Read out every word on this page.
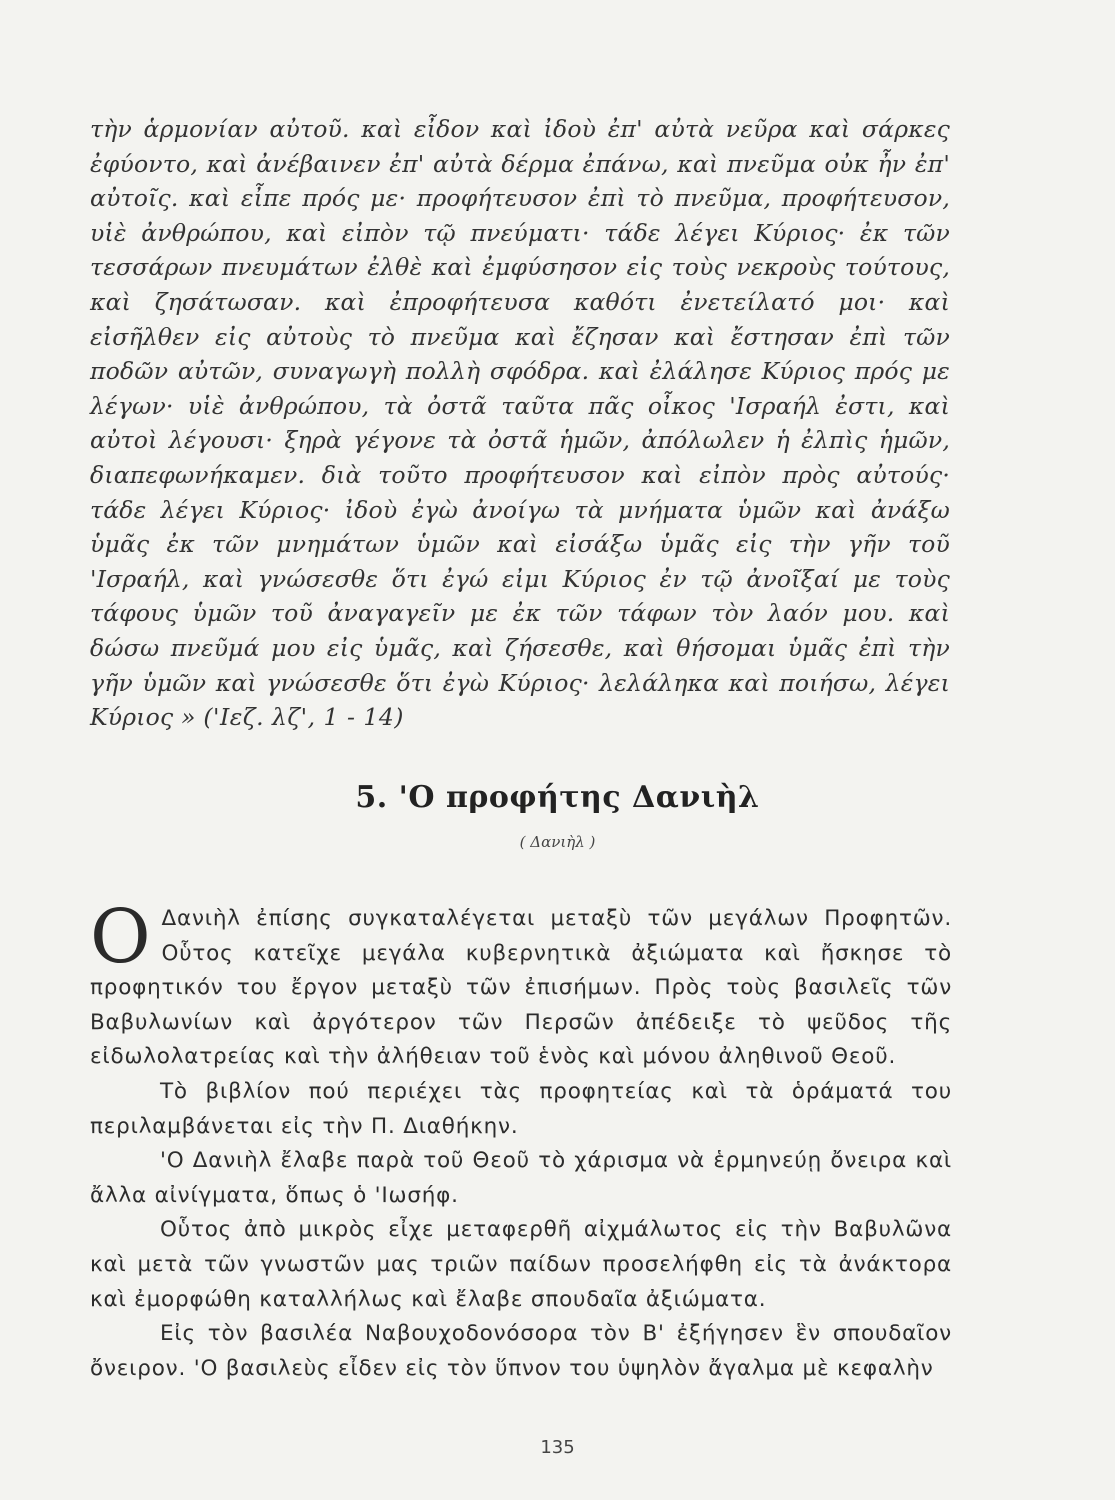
τὴν ἁρμονίαν αὐτοῦ. καὶ εἶδον καὶ ἰδοὺ ἐπ' αὐτὰ νεῦρα καὶ σάρκες ἐφύοντο, καὶ ἀνέβαινεν ἐπ' αὐτὰ δέρμα ἐπάνω, καὶ πνεῦμα οὐκ ἦν ἐπ' αὐτοῖς. καὶ εἶπε πρός με· προφήτευσον ἐπὶ τὸ πνεῦμα, προφήτευσον, υἱὲ ἀνθρώπου, καὶ εἰπὸν τῷ πνεύματι· τάδε λέγει Κύριος· ἐκ τῶν τεσσάρων πνευμάτων ἐλθὲ καὶ ἐμφύσησον εἰς τοὺς νεκροὺς τούτους, καὶ ζησάτωσαν. καὶ ἐπροφήτευσα καθότι ἐνετείλατό μοι· καὶ εἰσῆλθεν εἰς αὐτοὺς τὸ πνεῦμα καὶ ἔζησαν καὶ ἔστησαν ἐπὶ τῶν ποδῶν αὐτῶν, συναγωγὴ πολλὴ σφόδρα. καὶ ἐλάλησε Κύριος πρός με λέγων· υἱὲ ἀνθρώπου, τὰ ὀστᾶ ταῦτα πᾶς οἶκος 'Ισραήλ ἐστι, καὶ αὐτοὶ λέγουσι· ξηρὰ γέγονε τὰ ὀστᾶ ἡμῶν, ἀπόλωλεν ἡ ἐλπὶς ἡμῶν, διαπεφωνήκαμεν. διὰ τοῦτο προφήτευσον καὶ εἰπὸν πρὸς αὐτούς· τάδε λέγει Κύριος· ἰδοὺ ἐγὼ ἀνοίγω τὰ μνήματα ὑμῶν καὶ ἀνάξω ὑμᾶς ἐκ τῶν μνημάτων ὑμῶν καὶ εἰσάξω ὑμᾶς εἰς τὴν γῆν τοῦ 'Ισραήλ, καὶ γνώσεσθε ὅτι ἐγώ εἰμι Κύριος ἐν τῷ ἀνοῖξαί με τοὺς τάφους ὑμῶν τοῦ ἀναγαγεῖν με ἐκ τῶν τάφων τὸν λαόν μου. καὶ δώσω πνεῦμά μου εἰς ὑμᾶς, καὶ ζήσεσθε, καὶ θήσομαι ὑμᾶς ἐπὶ τὴν γῆν ὑμῶν καὶ γνώσεσθε ὅτι ἐγὼ Κύριος· λελάληκα καὶ ποιήσω, λέγει Κύριος » ('Ιεζ. λζ', 1 - 14)
5. 'Ο προφήτης Δανιὴλ
( Δανιὴλ )

Ο Δανιὴλ ἐπίσης συγκαταλέγεται μεταξὺ τῶν μεγάλων Προφητῶν. Οὗτος κατεῖχε μεγάλα κυβερνητικὰ ἀξιώματα καὶ ἤσκησε τὸ προφητικόν του ἔργον μεταξὺ τῶν ἐπισήμων. Πρὸς τοὺς βασιλεῖς τῶν Βαβυλωνίων καὶ ἀργότερον τῶν Περσῶν ἀπέδειξε τὸ ψεῦδος τῆς εἰδωλολατρείας καὶ τὴν ἀλήθειαν τοῦ ἑνὸς καὶ μόνου ἀληθινοῦ Θεοῦ.

Τὸ βιβλίον πού περιέχει τὰς προφητείας καὶ τὰ ὁράματά του περιλαμβάνεται εἰς τὴν Π. Διαθήκην.

'Ο Δανιὴλ ἔλαβε παρὰ τοῦ Θεοῦ τὸ χάρισμα νὰ ἑρμηνεύῃ ὄνειρα καὶ ἄλλα αἰνίγματα, ὅπως ὁ 'Ιωσήφ.

Οὗτος ἀπὸ μικρὸς εἶχε μεταφερθῆ αἰχμάλωτος εἰς τὴν Βαβυλῶνα καὶ μετὰ τῶν γνωστῶν μας τριῶν παίδων προσελήφθη εἰς τὰ ἀνάκτορα καὶ ἐμορφώθη καταλλήλως καὶ ἔλαβε σπουδαῖα ἀξιώματα.

Εἰς τὸν βασιλέα Ναβουχοδονόσορα τὸν Β' ἐξήγησεν ἓν σπουδαῖον ὄνειρον. 'Ο βασιλεὺς εἶδεν εἰς τὸν ὕπνον του ὑψηλὸν ἄγαλμα μὲ κεφαλὴν

135
